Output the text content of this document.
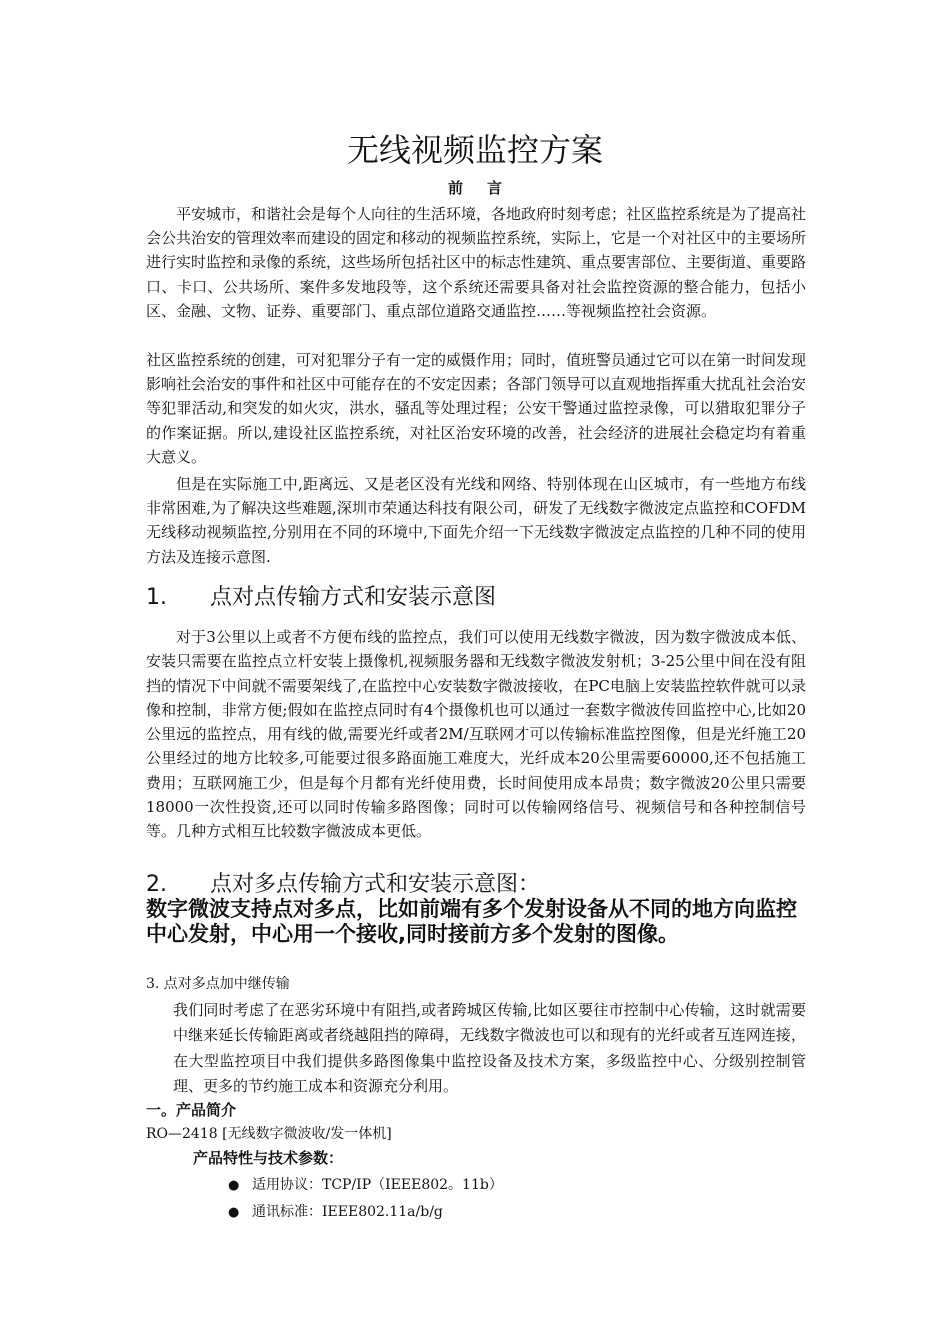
无线视频监控方案
前言

平安城市，和谐社会是每个人向往的生活环境，各地政府时刻考虑；社区监控系统是为了提高社会公共治安的管理效率而建设的固定和移动的视频监控系统，实际上，它是一个对社区中的主要场所进行实时监控和录像的系统，这些场所包括社区中的标志性建筑、重点要害部位、主要街道、重要路口、卡口、公共场所、案件多发地段等，这个系统还需要具备对社会监控资源的整合能力，包括小区、金融、文物、证券、重要部门、重点部位道路交通监控……等视频监控社会资源。

社区监控系统的创建，可对犯罪分子有一定的威慑作用；同时，值班警员通过它可以在第一时间发现影响社会治安的事件和社区中可能存在的不安定因素；各部门领导可以直观地指挥重大扰乱社会治安等犯罪活动,和突发的如火灾，洪水，骚乱等处理过程；公安干警通过监控录像，可以猎取犯罪分子的作案证据。所以,建设社区监控系统，对社区治安环境的改善，社会经济的进展社会稳定均有着重大意义。

但是在实际施工中,距离远、又是老区没有光线和网络、特别体现在山区城市，有一些地方布线非常困难,为了解决这些难题,深圳市荣通达科技有限公司，研发了无线数字微波定点监控和COFDM无线移动视频监控,分别用在不同的环境中,下面先介绍一下无线数字微波定点监控的几种不同的使用方法及连接示意图.

1. 点对点传输方式和安装示意图

对于3公里以上或者不方便布线的监控点，我们可以使用无线数字微波，因为数字微波成本低、安装只需要在监控点立杆安装上摄像机,视频服务器和无线数字微波发射机；3-25公里中间在没有阻挡的情况下中间就不需要架线了,在监控中心安装数字微波接收，在PC电脑上安装监控软件就可以录像和控制，非常方便;假如在监控点同时有4个摄像机也可以通过一套数字微波传回监控中心,比如20公里远的监控点，用有线的做,需要光纤或者2M/互联网才可以传输标准监控图像，但是光纤施工20公里经过的地方比较多,可能要过很多路面施工难度大，光纤成本20公里需要60000,还不包括施工费用；互联网施工少，但是每个月都有光纤使用费，长时间使用成本昂贵；数字微波20公里只需要18000一次性投资,还可以同时传输多路图像；同时可以传输网络信号、视频信号和各种控制信号等。几种方式相互比较数字微波成本更低。

2. 点对多点传输方式和安装示意图：

数字微波支持点对多点，比如前端有多个发射设备从不同的地方向监控中心发射，中心用一个接收,同时接前方多个发射的图像。

3. 点对多点加中继传输

我们同时考虑了在恶劣环境中有阻挡,或者跨城区传输,比如区要往市控制中心传输，这时就需要中继来延长传输距离或者绕越阻挡的障碍，无线数字微波也可以和现有的光纤或者互连网连接，在大型监控项目中我们提供多路图像集中监控设备及技术方案，多级监控中心、分级别控制管理、更多的节约施工成本和资源充分利用。

一。产品简介

RO—2418 [无线数字微波收/发一体机]

产品特性与技术参数：

● 适用协议：TCP/IP（IEEE802。11b）
● 通讯标准：IEEE802.11a/b/g
